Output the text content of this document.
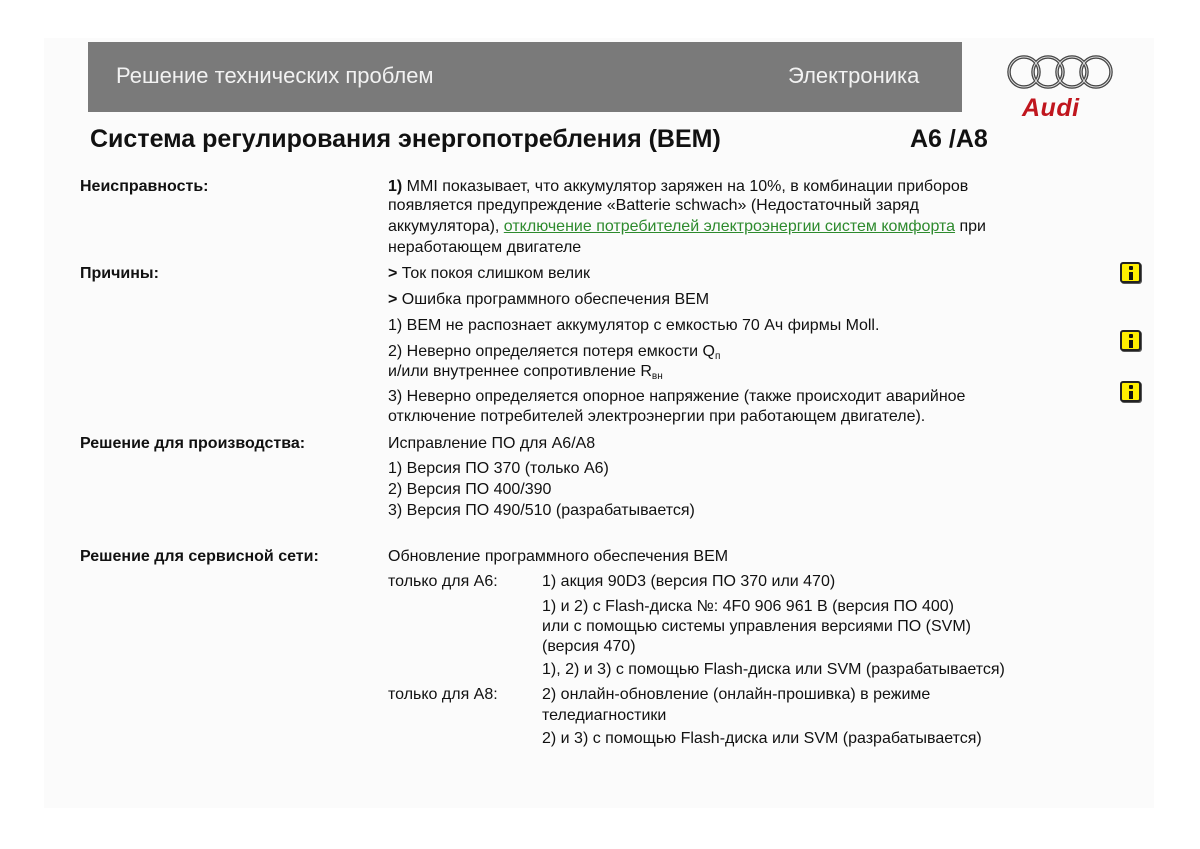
Решение технических проблем	Электроника
Audi
Система регулирования энергопотребления (BEM)	A6 /A8
Неисправность:	1) MMI показывает, что аккумулятор заряжен на 10%, в комбинации приборов
появляется предупреждение «Batterie schwach» (Недостаточный заряд
аккумулятора), отключение потребителей электроэнергии систем комфорта при
неработающем двигателе
Причины:	> Ток покоя слишком велик
> Ошибка программного обеспечения BEM
1) BEM не распознает аккумулятор с емкостью 70 Ач фирмы Moll.
2) Неверно определяется потеря емкости $Q_п$
и/или внутреннее сопротивление $R_{вн}$
3) Неверно определяется опорное напряжение (также происходит аварийное
отключение потребителей электроэнергии при работающем двигателе).
Решение для производства:	Исправление ПО для A6/A8
1) Версия ПО 370 (только A6)
2) Версия ПО 400/390
3) Версия ПО 490/510 (разрабатывается)
Решение для сервисной сети:	Обновление программного обеспечения BEM
только для А6:	1) акция 90D3 (версия ПО 370 или 470)
1) и 2) с Flash-диска №: 4F0 906 961 B (версия ПО 400)
или с помощью системы управления версиями ПО (SVM)
(версия 470)
1), 2) и 3) с помощью Flash-диска или SVM (разрабатывается)
только для А8:	2) онлайн-обновление (онлайн-прошивка) в режиме
теледиагностики
2) и 3) с помощью Flash-диска или SVM (разрабатывается)
